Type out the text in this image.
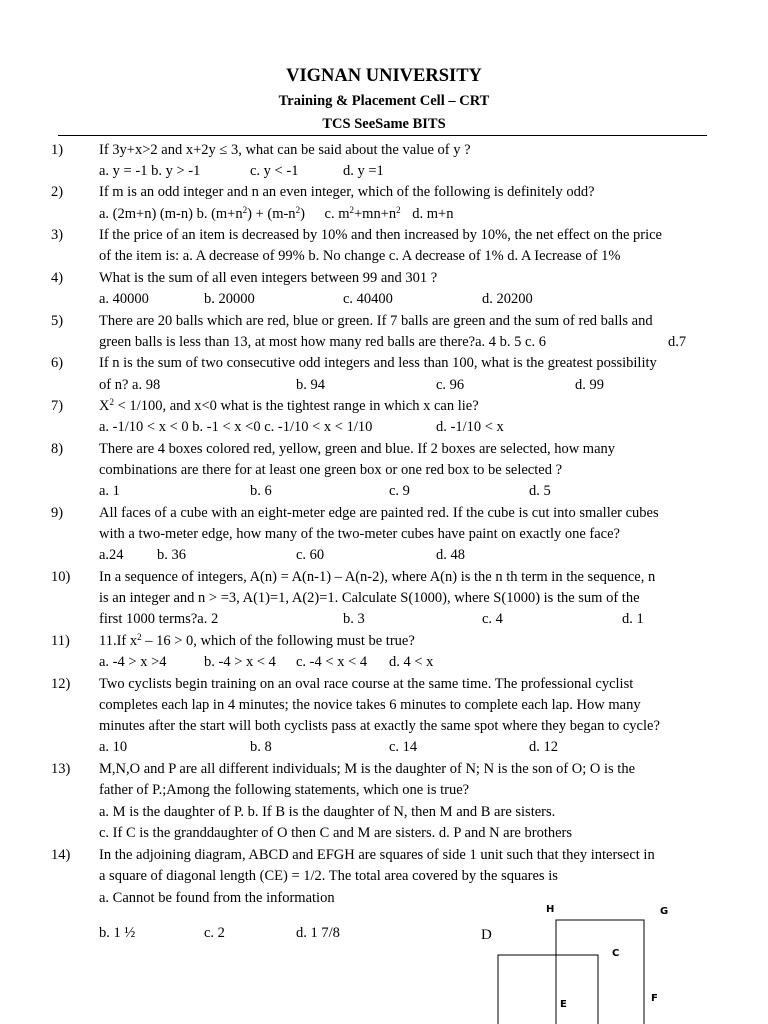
VIGNAN UNIVERSITY
Training & Placement Cell – CRT
TCS SeeSame BITS
1) If 3y+x>2 and x+2y ≤ 3, what can be said about the value of y ?
a. y = -1 b. y > -1	c. y < -1	d. y =1
2) If m is an odd integer and n an even integer, which of the following is definitely odd?
a. (2m+n) (m-n) b. $(m+n^2) + (m-n^2)$ c. $m^2+mn+n^2$ d. m+n
3) If the price of an item is decreased by 10% and then increased by 10%, the net effect on the price
of the item is: a. A decrease of 99% b. No change c. A decrease of 1% d. A Iecrease of 1%
4) What is the sum of all even integers between 99 and 301 ?
a. 40000	b. 20000	c. 40400	d. 20200
5) There are 20 balls which are red, blue or green. If 7 balls are green and the sum of red balls and
green balls is less than 13, at most how many red balls are there?a. 4 b. 5 c. 6	d.7
6) If n is the sum of two consecutive odd integers and less than 100, what is the greatest possibility
of n? a. 98	b. 94	c. 96	d. 99
7) $X^2 < 1/100$, and x<0 what is the tightest range in which x can lie?
a. -1/10 < x < 0 b. -1 < x <0 c. -1/10 < x < 1/10	d. -1/10 < x
8) There are 4 boxes colored red, yellow, green and blue. If 2 boxes are selected, how many
combinations are there for at least one green box or one red box to be selected ?
a. 1	b. 6	c. 9	d. 5
9) All faces of a cube with an eight-meter edge are painted red. If the cube is cut into smaller cubes
with a two-meter edge, how many of the two-meter cubes have paint on exactly one face?
a.24 b. 36	c. 60	d. 48
10) In a sequence of integers, A(n) = A(n-1) – A(n-2), where A(n) is the n th term in the sequence, n
is an integer and n > =3, A(1)=1, A(2)=1. Calculate S(1000), where S(1000) is the sum of the
first 1000 terms?a. 2	b. 3	c. 4	d. 1
11) 11.If $x^2 - 16 > 0$, which of the following must be true?
a. -4 > x >4	b. -4 > x < 4 c. -4 < x < 4 d. 4 < x
12) Two cyclists begin training on an oval race course at the same time. The professional cyclist
completes each lap in 4 minutes; the novice takes 6 minutes to complete each lap. How many
minutes after the start will both cyclists pass at exactly the same spot where they began to cycle?
a. 10	b. 8	c. 14	d. 12
13) M,N,O and P are all different individuals; M is the daughter of N; N is the son of O; O is the
father of P.;Among the following statements, which one is true?
a. M is the daughter of P. b. If B is the daughter of N, then M and B are sisters.
c. If C is the granddaughter of O then C and M are sisters. d. P and N are brothers
14) In the adjoining diagram, ABCD and EFGH are squares of side 1 unit such that they intersect in
a square of diagonal length (CE) = 1/2. The total area covered by the squares is
a. Cannot be found from the information
b. 1 ½	c. 2	d. 1 7/8
H	G
D
C
F
E
